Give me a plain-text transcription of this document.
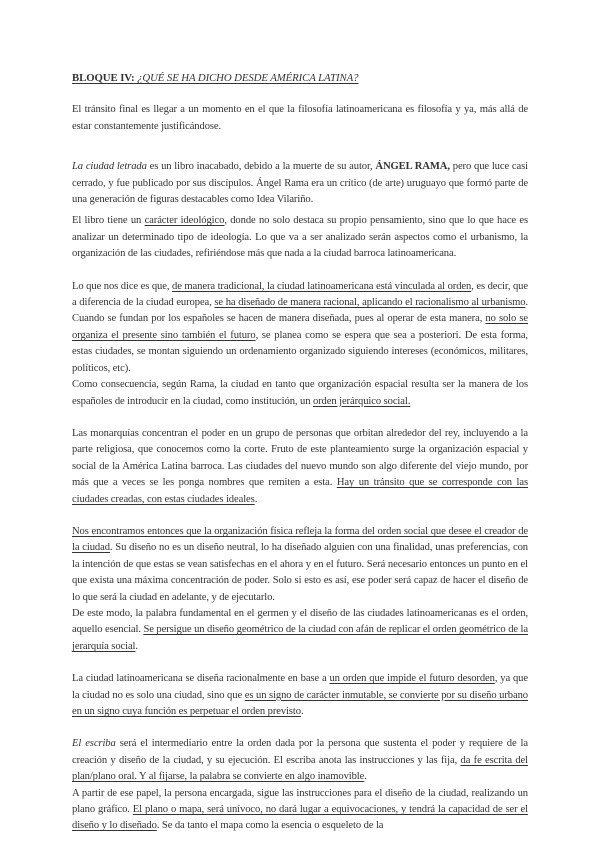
BLOQUE IV: ¿QUÉ SE HA DICHO DESDE AMÉRICA LATINA?

El tránsito final es llegar a un momento en el que la filosofía latinoamericana es filosofía y ya, más allá de estar constantemente justificándose.

La ciudad letrada es un libro inacabado, debido a la muerte de su autor, ÁNGEL RAMA, pero que luce casi cerrado, y fue publicado por sus discípulos. Ángel Rama era un crítico (de arte) uruguayo que formó parte de una generación de figuras destacables como Idea Vilariño.

El libro tiene un carácter ideológico, donde no solo destaca su propio pensamiento, sino que lo que hace es analizar un determinado tipo de ideología. Lo que va a ser analizado serán aspectos como el urbanismo, la organización de las ciudades, refiriéndose más que nada a la ciudad barroca latinoamericana.

Lo que nos dice es que, de manera tradicional, la ciudad latinoamericana está vinculada al orden, es decir, que a diferencia de la ciudad europea, se ha diseñado de manera racional, aplicando el racionalismo al urbanismo. Cuando se fundan por los españoles se hacen de manera diseñada, pues al operar de esta manera, no solo se organiza el presente sino también el futuro, se planea como se espera que sea a posteriori. De esta forma, estas ciudades, se montan siguiendo un ordenamiento organizado siguiendo intereses (económicos, militares, políticos, etc).

Como consecuencia, según Rama, la ciudad en tanto que organización espacial resulta ser la manera de los españoles de introducir en la ciudad, como institución, un orden jerárquico social.

Las monarquías concentran el poder en un grupo de personas que orbitan alrededor del rey, incluyendo a la parte religiosa, que conocemos como la corte. Fruto de este planteamiento surge la organización espacial y social de la América Latina barroca. Las ciudades del nuevo mundo son algo diferente del viejo mundo, por más que a veces se les ponga nombres que remiten a esta. Hay un tránsito que se corresponde con las ciudades creadas, con estas ciudades ideales.

Nos encontramos entonces que la organización física refleja la forma del orden social que desee el creador de la ciudad. Su diseño no es un diseño neutral, lo ha diseñado alguien con una finalidad, unas preferencias, con la intención de que estas se vean satisfechas en el ahora y en el futuro. Será necesario entonces un punto en el que exista una máxima concentración de poder. Solo si esto es así, ese poder será capaz de hacer el diseño de lo que será la ciudad en adelante, y de ejecutarlo.

De este modo, la palabra fundamental en el germen y el diseño de las ciudades latinoamericanas es el orden, aquello esencial. Se persigue un diseño geométrico de la ciudad con afán de replicar el orden geométrico de la jerarquía social.

La ciudad latinoamericana se diseña racionalmente en base a un orden que impide el futuro desorden, ya que la ciudad no es solo una ciudad, sino que es un signo de carácter inmutable, se convierte por su diseño urbano en un signo cuya función es perpetuar el orden previsto.

El escriba será el intermediario entre la orden dada por la persona que sustenta el poder y requiere de la creación y diseño de la ciudad, y su ejecución. El escriba anota las instrucciones y las fija, da fe escrita del plan/plano oral. Y al fijarse, la palabra se convierte en algo inamovible.

A partir de ese papel, la persona encargada, sigue las instrucciones para el diseño de la ciudad, realizando un plano gráfico. El plano o mapa, será unívoco, no dará lugar a equivocaciones, y tendrá la capacidad de ser el diseño y lo diseñado. Se da tanto el mapa como la esencia o esqueleto de la
